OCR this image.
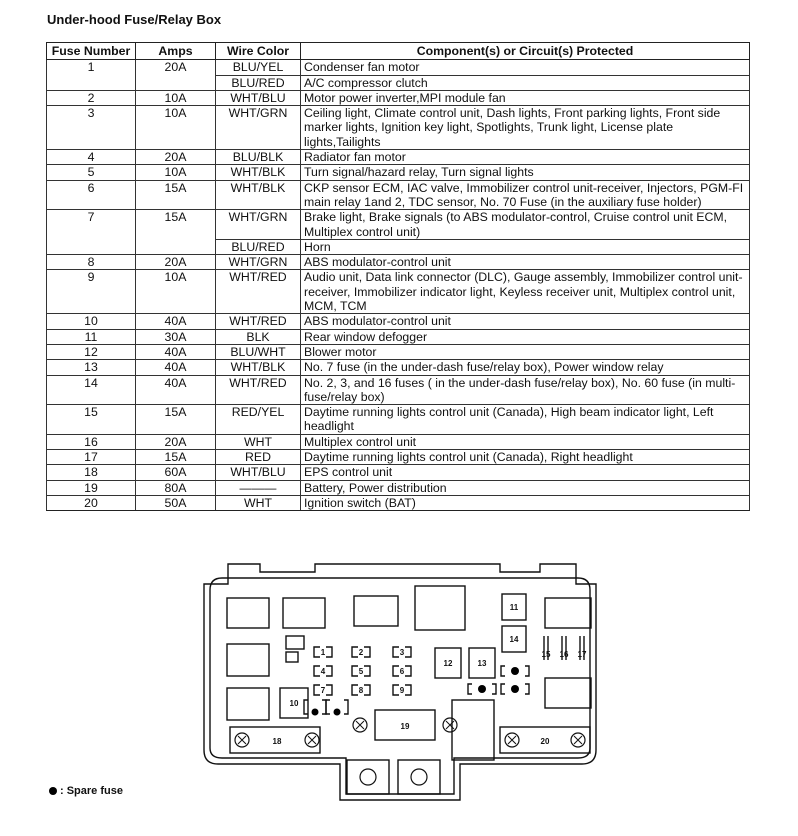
Under-hood Fuse/Relay Box
Fuse Number	Amps	Wire Color	Component(s) or Circuit(s) Protected
1	20A	BLU/YEL	Condenser fan motor
		BLU/RED	A/C compressor clutch
2	10A	WHT/BLU	Motor power inverter,MPI module fan
3	10A	WHT/GRN	Ceiling light, Climate control unit, Dash lights, Front parking lights, Front side marker lights, Ignition key light, Spotlights, Trunk light, License plate lights,Tailights
4	20A	BLU/BLK	Radiator fan motor
5	10A	WHT/BLK	Turn signal/hazard relay, Turn signal lights
6	15A	WHT/BLK	CKP sensor ECM, IAC valve, Immobilizer control unit-receiver, Injectors, PGM-FI main relay 1and 2, TDC sensor, No. 70 Fuse (in the auxiliary fuse holder)
7	15A	WHT/GRN	Brake light, Brake signals (to ABS modulator-control, Cruise control unit ECM, Multiplex control unit)
		BLU/RED	Horn
8	20A	WHT/GRN	ABS modulator-control unit
9	10A	WHT/RED	Audio unit, Data link connector (DLC), Gauge assembly, Immobilizer control unit-receiver, Immobilizer indicator light, Keyless receiver unit, Multiplex control unit, MCM, TCM
10	40A	WHT/RED	ABS modulator-control unit
11	30A	BLK	Rear window defogger
12	40A	BLU/WHT	Blower motor
13	40A	WHT/BLK	No. 7 fuse (in the under-dash fuse/relay box), Power window relay
14	40A	WHT/RED	No. 2, 3, and 16 fuses ( in the under-dash fuse/relay box), No. 60 fuse (in multi-fuse/relay box)
15	15A	RED/YEL	Daytime running lights control unit (Canada), High beam indicator light, Left headlight
16	20A	WHT	Multiplex control unit
17	15A	RED	Daytime running lights control unit (Canada), Right headlight
18	60A	WHT/BLU	EPS control unit
19	80A	———	Battery, Power distribution
20	50A	WHT	Ignition switch (BAT)
1	2	3
4	5	6
7	8	9
10
11
12	13
14
15 16 17
18
19
20
: Spare fuse
